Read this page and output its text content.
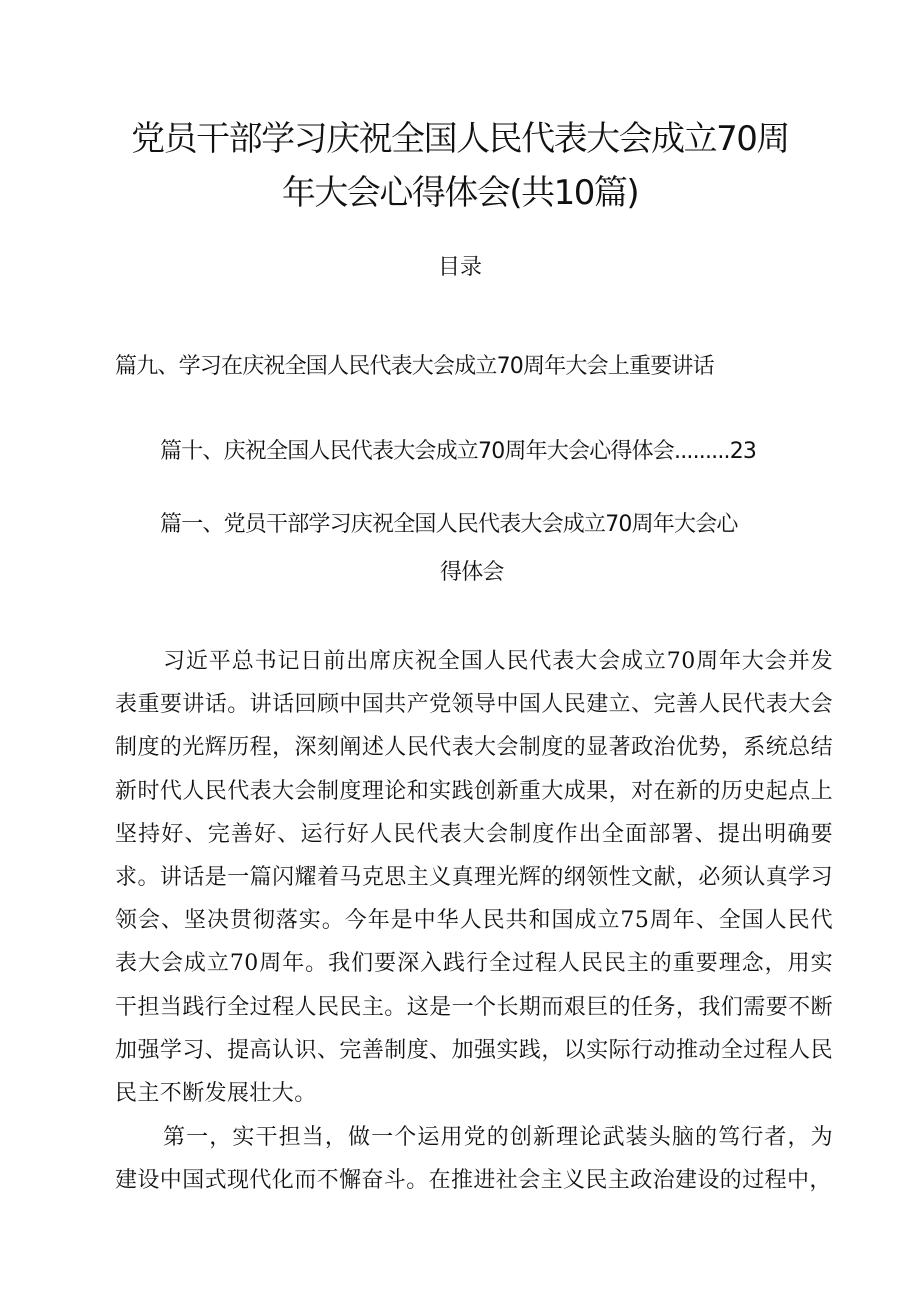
党员干部学习庆祝全国人民代表大会成立70周
年大会心得体会(共10篇)
目录
篇九、学习在庆祝全国人民代表大会成立70周年大会上重要讲话
篇十、庆祝全国人民代表大会成立70周年大会心得体会.........23
篇一、党员干部学习庆祝全国人民代表大会成立70周年大会心
得体会

习近平总书记日前出席庆祝全国人民代表大会成立70周年大会并发表重要讲话。讲话回顾中国共产党领导中国人民建立、完善人民代表大会制度的光辉历程，深刻阐述人民代表大会制度的显著政治优势，系统总结新时代人民代表大会制度理论和实践创新重大成果，对在新的历史起点上坚持好、完善好、运行好人民代表大会制度作出全面部署、提出明确要求。讲话是一篇闪耀着马克思主义真理光辉的纲领性文献，必须认真学习领会、坚决贯彻落实。今年是中华人民共和国成立75周年、全国人民代表大会成立70周年。我们要深入践行全过程人民民主的重要理念，用实干担当践行全过程人民民主。这是一个长期而艰巨的任务，我们需要不断加强学习、提高认识、完善制度、加强实践，以实际行动推动全过程人民民主不断发展壮大。

第一，实干担当，做一个运用党的创新理论武装头脑的笃行者，为建设中国式现代化而不懈奋斗。在推进社会主义民主政治建设的过程中，
